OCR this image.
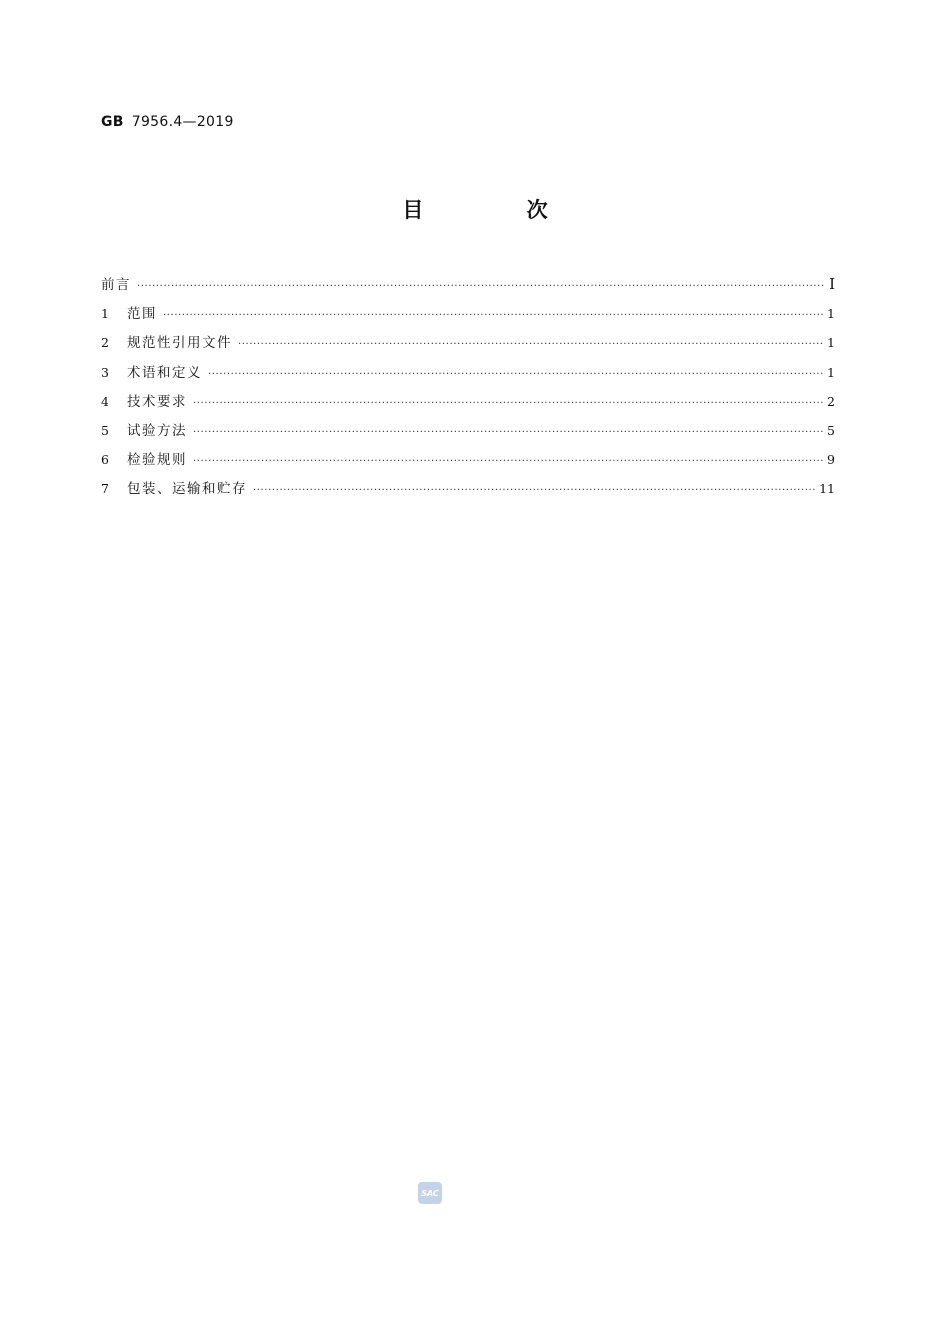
GB 7956.4—2019
目 次
前言 ·····	I
1	范围 ·····	1
2	规范性引用文件 ·····	1
3	术语和定义 ·····	1
4	技术要求 ·····	2
5	试验方法 ·····	5
6	检验规则 ·····	9
7	包装、运输和贮存 ·····	11
SAC
